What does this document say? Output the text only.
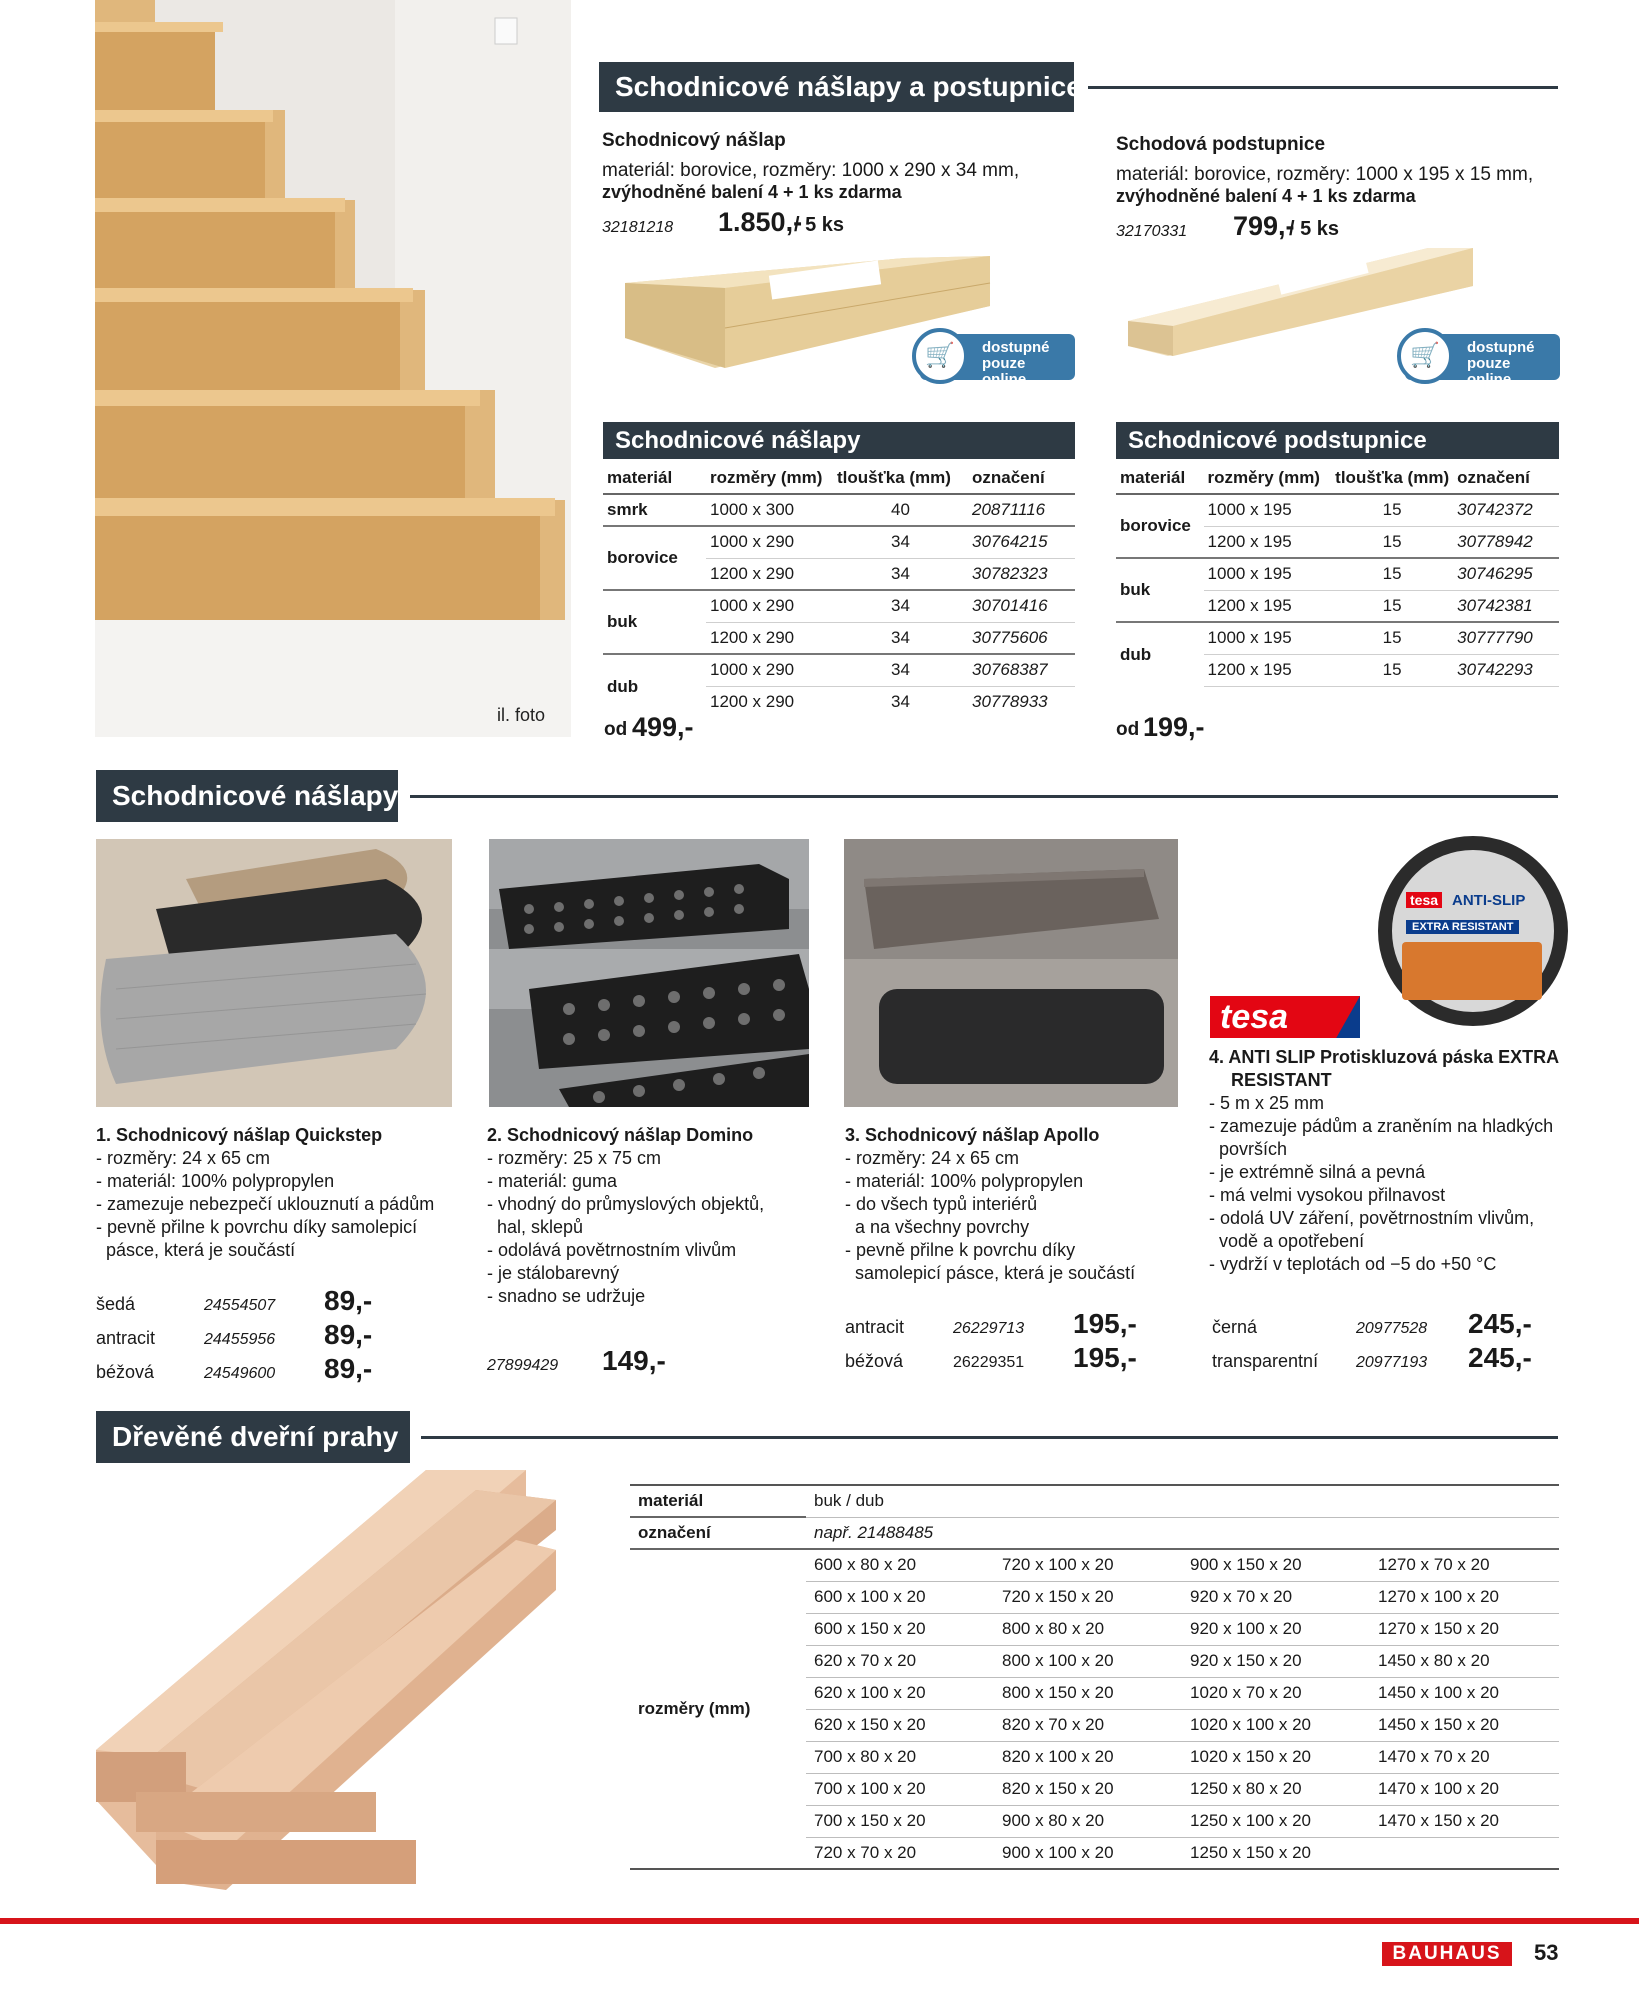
il. foto
Schodnicové nášlapy a postupnice
Schodnicový nášlap
materiál: borovice, rozměry: 1000 x 290 x 34 mm,
zvýhodněné balení 4 + 1 ks zdarma
32181218 1.850,-
/ 5 ks
🛒	dostupné pouze online
Schodová podstupnice
materiál: borovice, rozměry: 1000 x 195 x 15 mm,
zvýhodněné balení 4 + 1 ks zdarma
32170331 799,-
/ 5 ks
🛒	dostupné pouze online
Schodnicové nášlapy
materiál	rozměry (mm)	tloušťka (mm)	označení
smrk	1000 x 300	40	20871116
borovice	1000 x 290	34	30764215
	1200 x 290	34	30782323
buk	1000 x 290	34	30701416
	1200 x 290	34	30775606
dub	1000 x 290	34	30768387
	1200 x 290	34	30778933
od 499,-
Schodnicové podstupnice
materiál	rozměry (mm)	tloušťka (mm)	označení
borovice	1000 x 195	15	30742372
	1200 x 195	15	30778942
buk	1000 x 195	15	30746295
	1200 x 195	15	30742381
dub	1000 x 195	15	30777790
	1200 x 195	15	30742293
od 199,-
Schodnicové nášlapy
tesa ANTI-SLIP
EXTRA RESISTANT
tesa
1. Schodnicový nášlap Quickstep
- rozměry: 24 x 65 cm
- materiál: 100% polypropylen
- zamezuje nebezpečí uklouznutí a pádům
- pevně přilne k povrchu díky samolepicí
pásce, která je součástí
šedá	24554507	89,-
antracit	24455956	89,-
béžová	24549600	89,-
2. Schodnicový nášlap Domino
- rozměry: 25 x 75 cm
- materiál: guma
- vhodný do průmyslových objektů,
hal, sklepů
- odolává povětrnostním vlivům
- je stálobarevný
- snadno se udržuje
27899429	149,-
3. Schodnicový nášlap Apollo
- rozměry: 24 x 65 cm
- materiál: 100% polypropylen
- do všech typů interiérů
a na všechny povrchy
- pevně přilne k povrchu díky
samolepicí pásce, která je součástí
antracit	26229713	195,-
béžová	26229351	195,-
4. ANTI SLIP Protiskluzová páska EXTRA
RESISTANT
- 5 m x 25 mm
- zamezuje pádům a zraněním na hladkých
površích
- je extrémně silná a pevná
- má velmi vysokou přilnavost
- odolá UV záření, povětrnostním vlivům,
vodě a opotřebení
- vydrží v teplotách od −5 do +50 °C
černá	20977528	245,-
transparentní	20977193	245,-
Dřevěné dveřní prahy
materiál	buk / dub			
označení	např. 21488485			
rozměry (mm)	600 x 80 x 20	720 x 100 x 20	900 x 150 x 20	1270 x 70 x 20
	600 x 100 x 20	720 x 150 x 20	920 x 70 x 20	1270 x 100 x 20
	600 x 150 x 20	800 x 80 x 20	920 x 100 x 20	1270 x 150 x 20
	620 x 70 x 20	800 x 100 x 20	920 x 150 x 20	1450 x 80 x 20
	620 x 100 x 20	800 x 150 x 20	1020 x 70 x 20	1450 x 100 x 20
	620 x 150 x 20	820 x 70 x 20	1020 x 100 x 20	1450 x 150 x 20
	700 x 80 x 20	820 x 100 x 20	1020 x 150 x 20	1470 x 70 x 20
	700 x 100 x 20	820 x 150 x 20	1250 x 80 x 20	1470 x 100 x 20
	700 x 150 x 20	900 x 80 x 20	1250 x 100 x 20	1470 x 150 x 20
	720 x 70 x 20	900 x 100 x 20	1250 x 150 x 20	
BAUHAUS	53
